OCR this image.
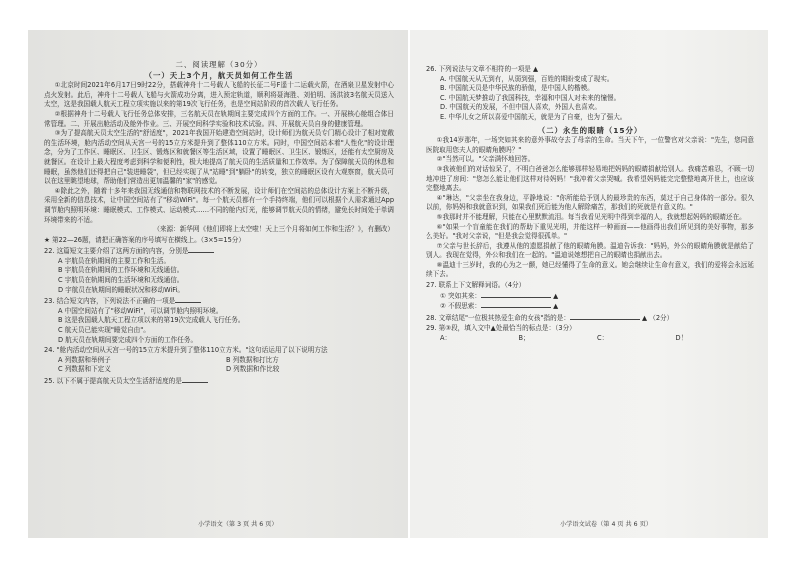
二、阅读理解（30分）
（一）天上3个月，航天员如何工作生活

①北京时间2021年6月17日9时22分，搭载神舟十二号载人飞船的长征二号F遥十二运载火箭，在酒泉卫星发射中心点火发射。此后，神舟十二号载人飞船与火箭成功分离，进入预定轨道，顺利将聂海胜、刘伯明、汤洪波3名航天员送入太空，这是我国载人航天工程立项实施以来的第19次飞行任务，也是空间站阶段的首次载人飞行任务。

②根据神舟十二号载人飞行任务总体安排，三名航天员在轨期间主要完成四个方面的工作。一、开展核心舱组合体日常管理。二、开展出舱活动及舱外作业。三、开展空间科学实验和技术试验。四、开展航天员自身的健康管理。

③为了提高航天员太空生活的"舒适度"，2021年我国开始建造空间站时，设计师们为航天员专门精心设计了相对宽敞的生活环境，舱内活动空间从天宫一号的15立方米提升到了整体110立方米。同时，中国空间站本着"人性化"的设计理念，分为了工作区、睡眠区、卫生区、锻炼区和就餐区等生活区域，设置了睡眠区、卫生区、锻炼区，还能有太空厨房及就餐区。在设计上最大程度考虑到科学和便利性，极大地提高了航天员的生活质量和工作效率。为了保障航天员的休息和睡眠，虽然他们还得把自己"装进睡袋"，但已经实现了从"站睡"到"躺卧"的转变，独立的睡眠区设有大观察窗，航天员可以在这里眺望地球，帮助他们营造出更加温馨的"家"的感觉。

④除此之外，随着十多年来我国无线通信和物联网技术的不断发展，设计师们在空间站的总体设计方案上不断升级，采用全新的信息技术，让中国空间站有了"移动WiFi"。每一个航天员都有一个手持终端，他们可以根据个人需求通过App调节舱内照明环境：睡眠模式、工作模式、运动模式……不同的舱内灯光，能够调节航天员的情绪，避免长时间处于单调环境带来的不适。

（来源：新华网《他们即将上太空啦！天上三个月将如何工作和生活？》，有删改）
★ 第22—26题，请把正确答案的序号填写在横线上。（3×5=15分）
22. 这篇短文主要介绍了这两方面的内容，分别是
A 宇航员在轨期间的主要工作和生活。
B 宇航员在轨期间的工作环境和无线通信。
C 宇航员在轨期间的生活环境和无线通信。
D 宇航员在轨期间的睡眠状况和移动WiFi。
23. 结合短文内容，下列说法不正确的一项是
A 中国空间站有了"移动WiFi"，可以调节舱内照明环境。
B 这是我国载人航天工程立项以来的第19次完成载人飞行任务。
C 航天员已能实现"睡觉自由"。
D 航天员在轨期间要完成四个方面的工作任务。
24. "舱内活动空间从天宫一号的15立方米提升到了整体110立方米。"这句话运用了以下说明方法
A 列数据和举例子	B 列数据和打比方
C 列数据和下定义	D 列数据和作比较
25. 以下不属于提高航天员太空生活舒适度的是
小学语文（第 3 页 共 6 页）
26. 下列说法与文章不相符的一项是 ▲
A. 中国航天从无到有，从弱到强，百姓的期盼变成了现实。
B. 中国航天员是中华民族的骄傲，是中国人的楷模。
C. 中国航天梦推动了我国科技，幸福和中国人对未来的憧憬。
D. 中国航天的发展，不但中国人喜欢，外国人也喜欢。
E. 中华儿女之所以喜爱中国航天，就是为了自豪，也为了强大。
（二）永生的眼睛（15分）

①我14岁那年，一场突如其来的意外事故夺去了母亲的生命。当天下午，一位警官对父亲说："先生，您同意医院取用您夫人的眼睛角膜吗？"

②"当然可以。"父亲满怀地回答。

③我被他们的对话惊呆了，不明白爸爸怎么能够那样轻易地把妈妈的眼睛捐献给别人。我痛苦难忍，不顾一切地冲进了房间："您怎么能让他们这样对待妈妈！"我冲着父亲哭喊。我希望妈妈能完完整整地离开世上，也应该完整地离去。

④"琳达，"父亲坐在我身边，平静地说："你所能给予别人的最珍贵的东西，莫过于自己身体的一部分。很久以前，你妈妈和我就意识到，如果我们死后能为他人解除痛苦，那我们的死就是有意义的。"

⑤我那时并不能理解，只能在心里默默流泪。每当我看见光明中得到幸福的人，我就想起妈妈的眼睛还在。

⑥"如果一个盲童能在我们的帮助下重见光明，并能这样一种画面——他画得出我们所见到的美好事物，那多么美好。"我对父亲说，"但是我会觉得很孤单。"

⑦父亲与世长辞后，我遵从他的遗愿捐献了他的眼睛角膜。温迪告诉我："妈妈，外公的眼睛角膜就是献给了别人。我现在觉得，外公和我们在一起的。"温迪说她想把自己的眼睛也捐献出去。

⑧温迪十三岁时，我的心为之一颤，她已经懂得了生命的意义。她会继续让生命有意义，我们的爱将会永远延续下去。

27. 联系上下文解释词语。（4分）
① 突如其来：	▲
② 不假思索：	▲
28. 文章结尾"一位极其热爱生命的女孩"指的是：	▲ （2分）
29. 第③段，填入文中▲处最恰当的标点是：（3分）
A：	B；	C：	D！
小学语文试卷（第 4 页 共 6 页）
